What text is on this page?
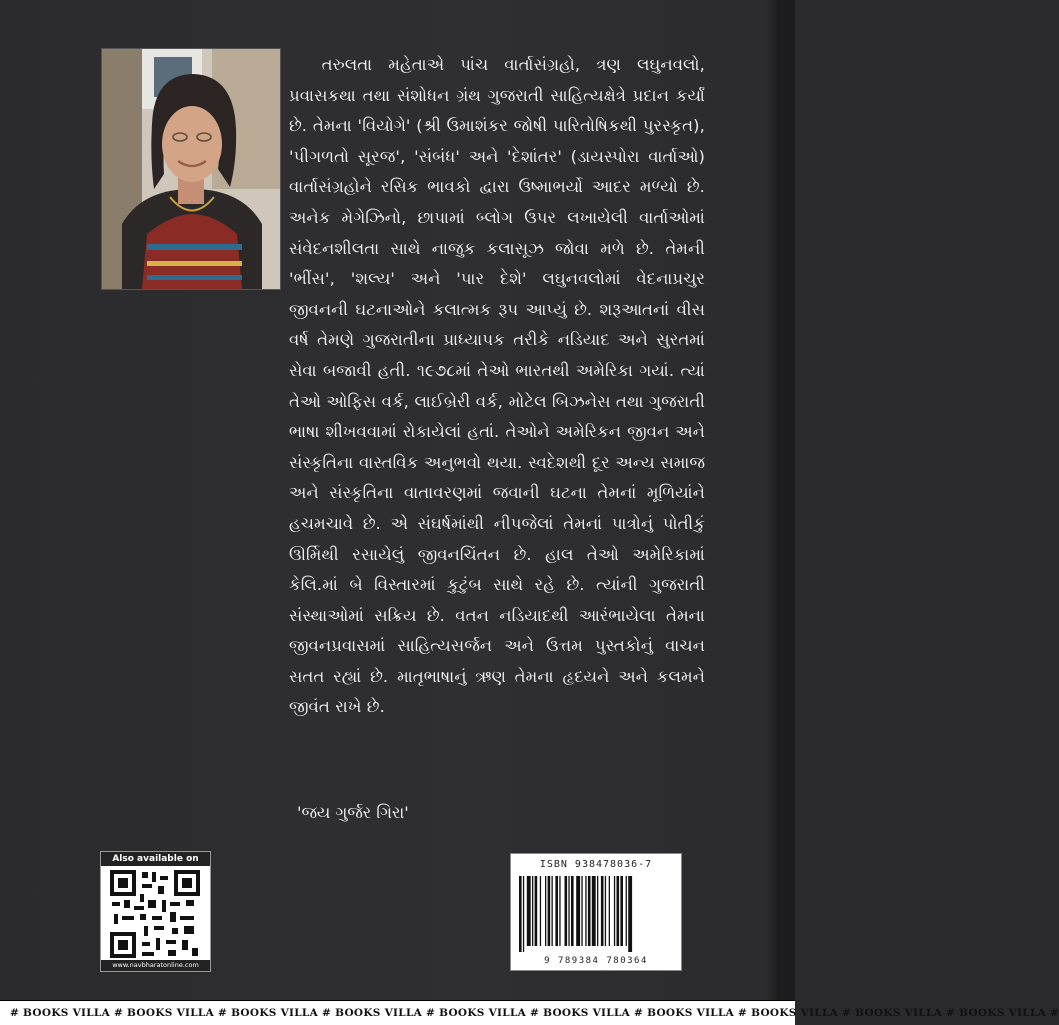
તરુલતા મહેતાએ પાંચ વાર્તાસંગ્રહો, ત્રણ લઘુનવલો, પ્રવાસકથા તથા સંશોધન ગ્રંથ ગુજરાતી સાહિત્યક્ષેત્રે પ્રદાન કર્યાં છે. તેમના 'વિયોગે' (શ્રી ઉમાશંકર જોષી પારિતોષિકથી પુરસ્કૃત), 'પીગળતો સૂરજ', 'સંબંધ' અને 'દેશાંતર' (ડાયસ્પોરા વાર્તાઓ) વાર્તાસંગ્રહોને રસિક ભાવકો દ્વારા ઉષ્માભર્યો આદર મળ્યો છે. અનેક મેગેઝિનો, છાપામાં બ્લોગ ઉપર લખાયેલી વાર્તાઓમાં સંવેદનશીલતા સાથે નાજુક કલાસૂઝ જોવા મળે છે. તેમની 'ભીંસ', 'શલ્ય' અને 'પાર દેશે' લઘુનવલોમાં વેદનાપ્રચુર જીવનની ઘટનાઓને કલાત્મક રૂપ આપ્યું છે. શરૂઆતનાં વીસ વર્ષ તેમણે ગુજરાતીના પ્રાધ્યાપક તરીકે નડિયાદ અને સુરતમાં સેવા બજાવી હતી. ૧૯૭૮માં તેઓ ભારતથી અમેરિકા ગયાં. ત્યાં તેઓ ઓફિસ વર્ક, લાઈબ્રેરી વર્ક, મોટેલ બિઝનેસ તથા ગુજરાતી ભાષા શીખવવામાં રોકાયેલાં હતાં. તેઓને અમેરિકન જીવન અને સંસ્કૃતિના વાસ્તવિક અનુભવો થયા. સ્વદેશથી દૂર અન્ય સમાજ અને સંસ્કૃતિના વાતાવરણમાં જવાની ઘટના તેમનાં મૂળિયાંને હચમચાવે છે. એ સંઘર્ષમાંથી નીપજેલાં તેમનાં પાત્રોનું પોતીકું ઊર્મિથી રસાયેલું જીવનચિંતન છે. હાલ તેઓ અમેરિકામાં કેલિ.માં બે વિસ્તારમાં કુટુંબ સાથે રહે છે. ત્યાંની ગુજરાતી સંસ્થાઓમાં સક્રિય છે. વતન નડિયાદથી આરંભાયેલા તેમના જીવનપ્રવાસમાં સાહિત્યસર્જન અને ઉત્તમ પુસ્તકોનું વાચન સતત રહ્યાં છે. માતૃભાષાનું ઋણ તેમના હૃદયને અને કલમને જીવંત રાખે છે.

'જય ગુર્જર ગિરા'
Also available on
www.navbharatonline.com
ISBN 938478036-7
9 789384 780364
# BOOKS VILLA # BOOKS VILLA # BOOKS VILLA # BOOKS VILLA # BOOKS VILLA # BOOKS VILLA # BOOKS VILLA # BOOKS VILLA # BOOKS VILLA # BOOKS VILLA #
